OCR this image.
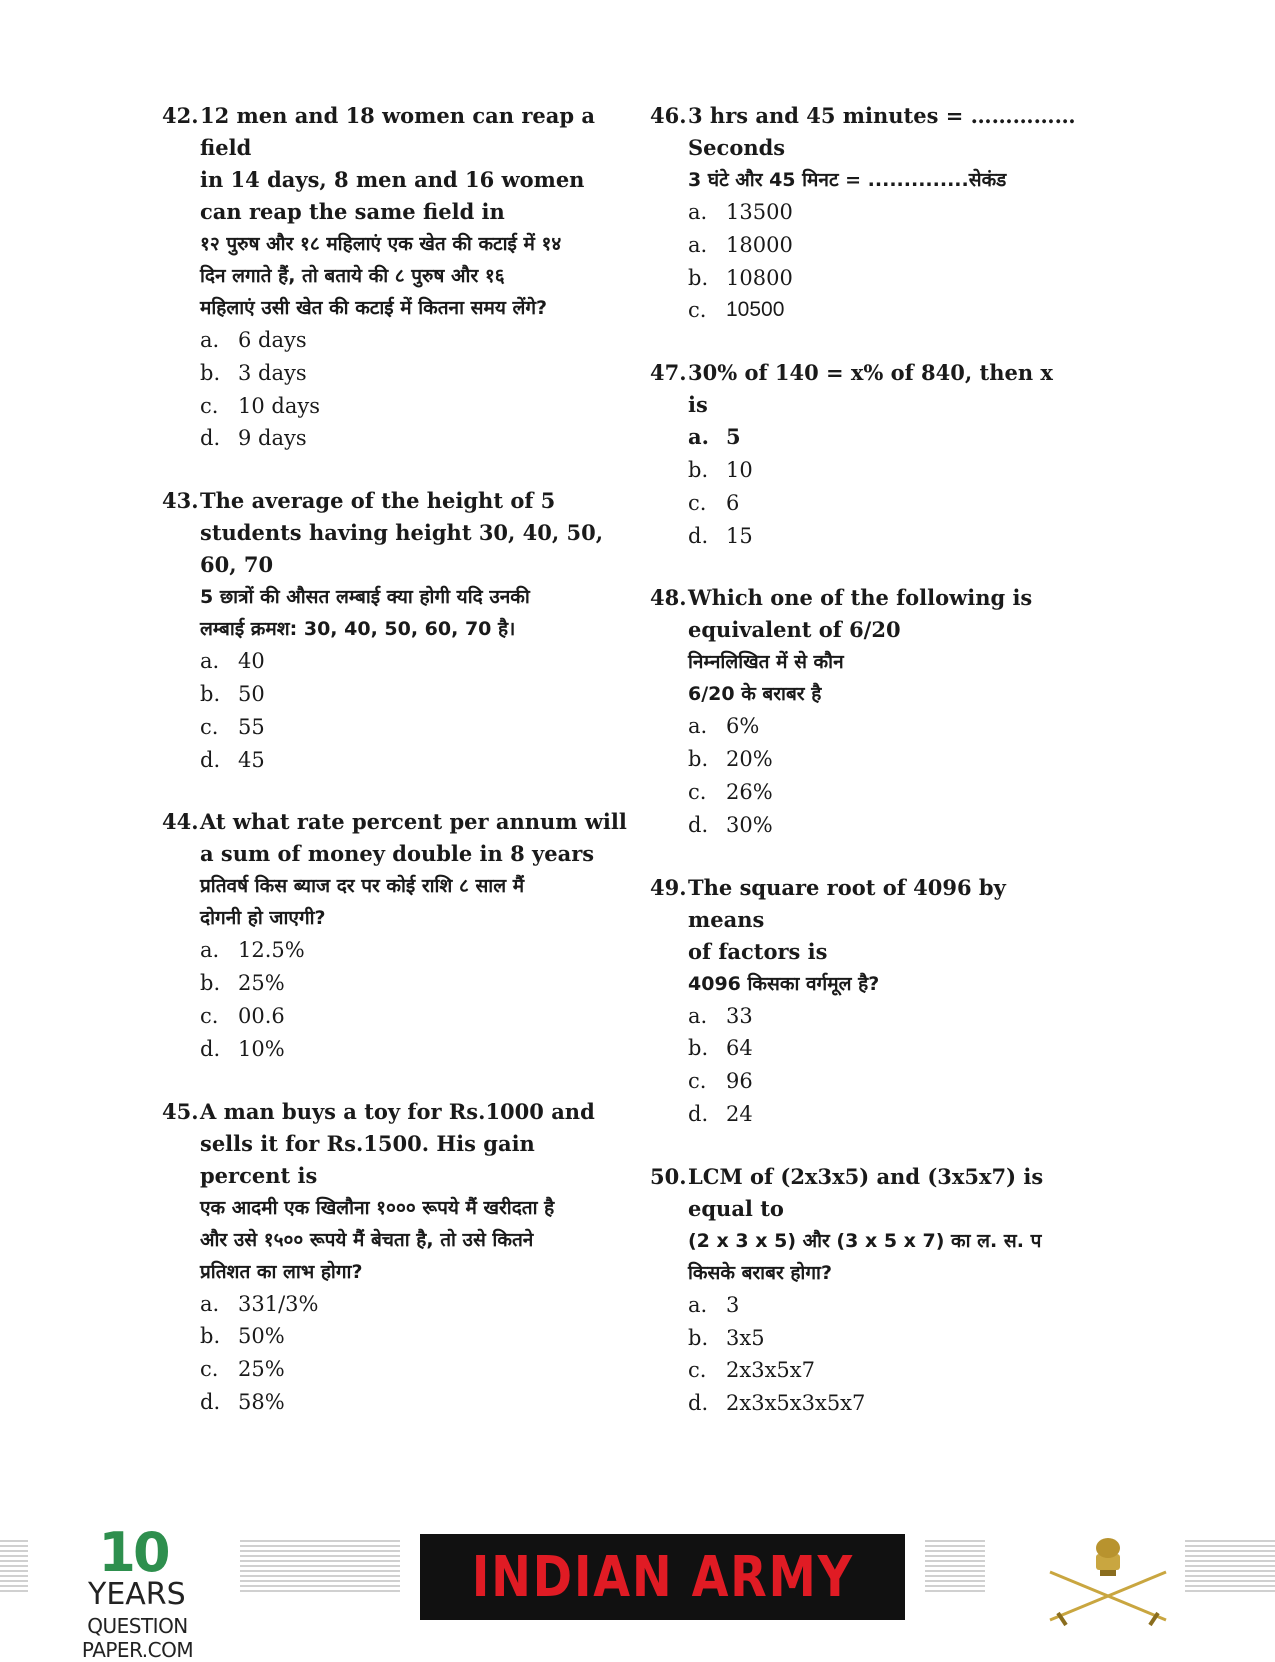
42. 12 men and 18 women can reap a field
in 14 days, 8 men and 16 women
can reap the same field in
१२ पुरुष और १८ महिलाएं एक खेत की कटाई में १४
दिन लगाते हैं, तो बताये की ८ पुरुष और १६
महिलाएं उसी खेत की कटाई में कितना समय लेंगे?
a. 6 days
b. 3 days
c. 10 days
d. 9 days
43. The average of the height of 5
students having height 30, 40, 50,
60, 70
5 छात्रों की औसत लम्बाई क्या होगी यदि उनकी
लम्बाई क्रमश: 30, 40, 50, 60, 70 है।
a. 40
b. 50
c. 55
d. 45
44. At what rate percent per annum will
a sum of money double in 8 years
प्रतिवर्ष किस ब्याज दर पर कोई राशि ८ साल मैं
दोगनी हो जाएगी?
a. 12.5%
b. 25%
c. 00.6
d. 10%
45. A man buys a toy for Rs.1000 and
sells it for Rs.1500. His gain
percent is
एक आदमी एक खिलौना १००० रूपये मैं खरीदता है
और उसे १५०० रूपये मैं बेचता है, तो उसे कितने
प्रतिशत का लाभ होगा?
a. 331/3%
b. 50%
c. 25%
d. 58%
46. 3 hrs and 45 minutes = ……………
Seconds
3 घंटे और 45 मिनट = ..............सेकंड
a. 13500
a. 18000
b. 10800
c. 10500
47. 30% of 140 = x% of 840, then x is
a. 5
b. 10
c. 6
d. 15
48. Which one of the following is
equivalent of 6/20
निम्नलिखित में से कौन
6/20 के बराबर है
a. 6%
b. 20%
c. 26%
d. 30%
49. The square root of 4096 by means
of factors is
4096 किसका वर्गमूल है?
a. 33
b. 64
c. 96
d. 24
50. LCM of (2x3x5) and (3x5x7) is
equal to
(2 x 3 x 5) और (3 x 5 x 7) का ल. स. प
किसके बराबर होगा?
a. 3
b. 3x5
c. 2x3x5x7
d. 2x3x5x3x5x7
10
YEARS
QUESTION PAPER.COM
INDIAN ARMY
